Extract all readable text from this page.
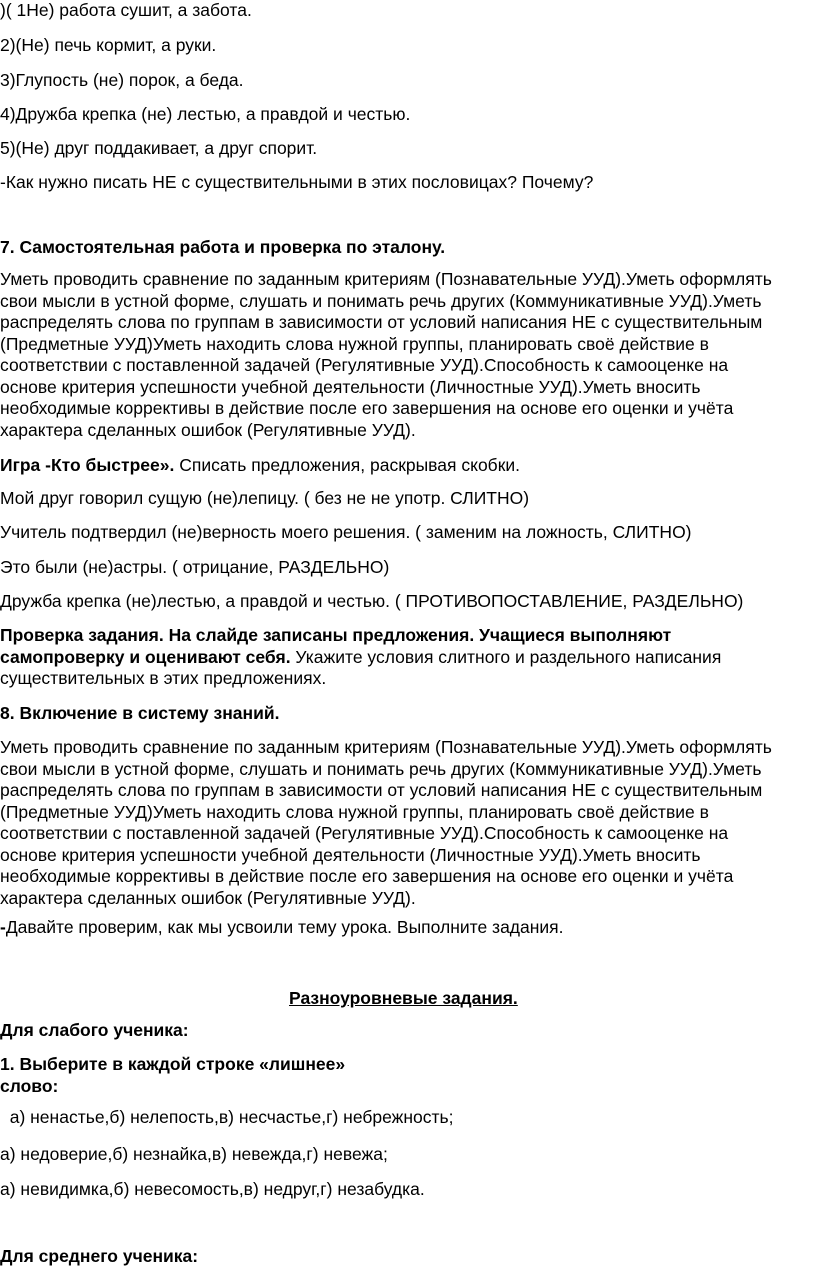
)( 1Не) работа сушит, а забота.
2)(Не) печь кормит, а руки.
3)Глупость (не) порок, а беда.
4)Дружба крепка (не) лестью, а правдой и честью.
5)(Не) друг поддакивает, а друг спорит.
-Как нужно писать НЕ с существительными в этих пословицах? Почему?
7. Самостоятельная работа и проверка по эталону.
Уметь проводить сравнение по заданным критериям (Познавательные УУД).Уметь оформлять
свои мысли в устной форме, слушать и понимать речь других (Коммуникативные УУД).Уметь
распределять слова по группам в зависимости от условий написания НЕ с существительным
(Предметные УУД)Уметь находить слова нужной группы, планировать своё действие в
соответствии с поставленной задачей (Регулятивные УУД).Способность к самооценке на
основе критерия успешности учебной деятельности (Личностные УУД).Уметь вносить
необходимые коррективы в действие после его завершения на основе его оценки и учёта
характера сделанных ошибок (Регулятивные УУД).
Игра -Кто быстрее». Списать предложения, раскрывая скобки.
Мой друг говорил сущую (не)лепицу. ( без не не употр. СЛИТНО)
Учитель подтвердил (не)верность моего решения. ( заменим на ложность, СЛИТНО)
Это были (не)астры. ( отрицание, РАЗДЕЛЬНО)
Дружба крепка (не)лестью, а правдой и честью. ( ПРОТИВОПОСТАВЛЕНИЕ, РАЗДЕЛЬНО)
Проверка задания. На слайде записаны предложения. Учащиеся выполняют
самопроверку и оценивают себя. Укажите условия слитного и раздельного написания
существительных в этих предложениях.
8. Включение в систему знаний.
Уметь проводить сравнение по заданным критериям (Познавательные УУД).Уметь оформлять
свои мысли в устной форме, слушать и понимать речь других (Коммуникативные УУД).Уметь
распределять слова по группам в зависимости от условий написания НЕ с существительным
(Предметные УУД)Уметь находить слова нужной группы, планировать своё действие в
соответствии с поставленной задачей (Регулятивные УУД).Способность к самооценке на
основе критерия успешности учебной деятельности (Личностные УУД).Уметь вносить
необходимые коррективы в действие после его завершения на основе его оценки и учёта
характера сделанных ошибок (Регулятивные УУД).
-Давайте проверим, как мы усвоили тему урока. Выполните задания.
Разноуровневые задания.
Для слабого ученика:
1. Выберите в каждой строке «лишнее»
слово:
а) ненастье,б) нелепость,в) несчастье,г) небрежность;
а) недоверие,б) незнайка,в) невежда,г) невежа;
а) невидимка,б) невесомость,в) недруг,г) незабудка.
Для среднего ученика:
